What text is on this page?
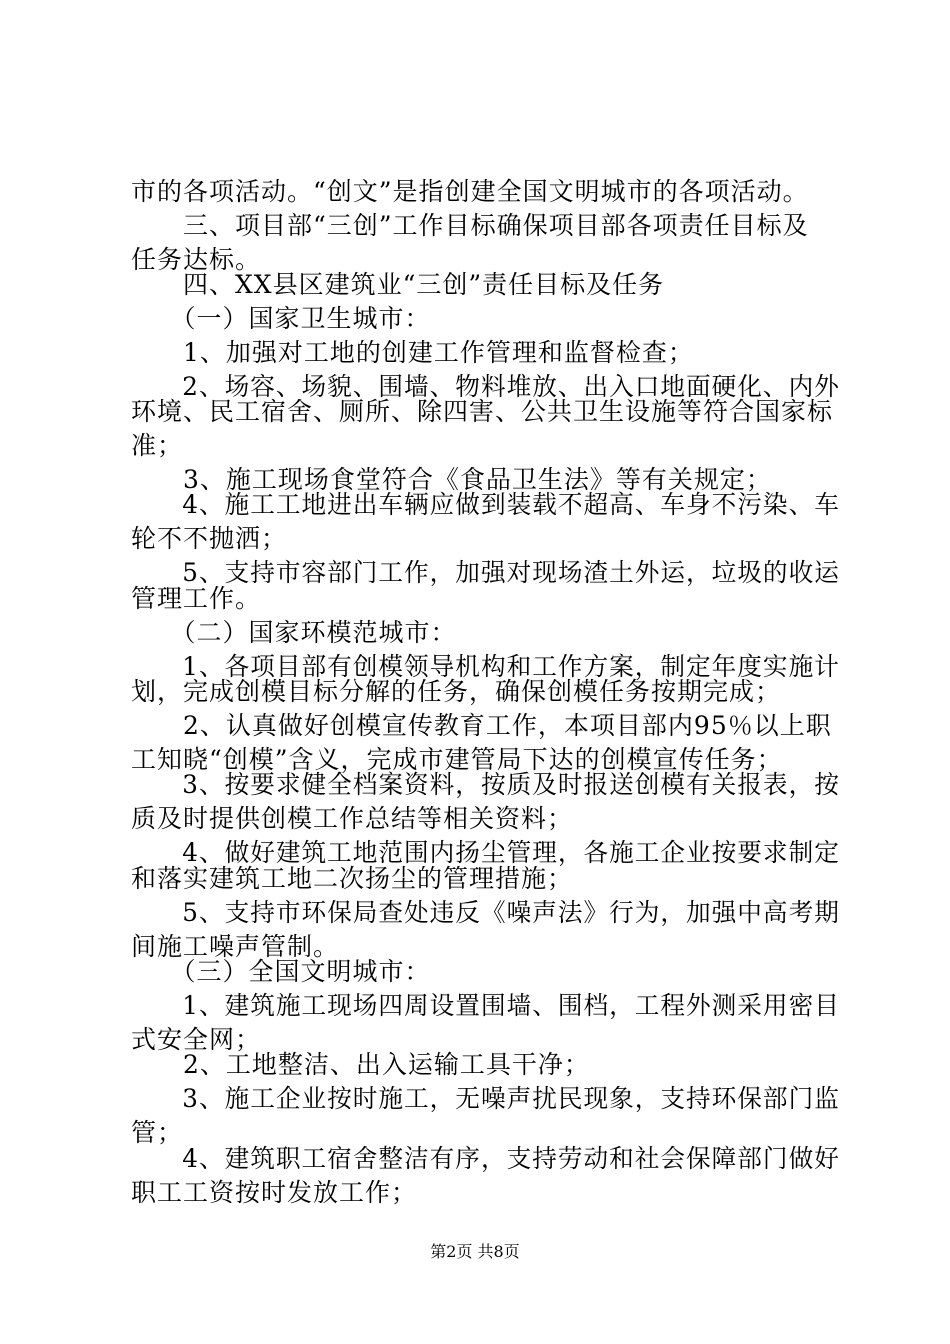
市的各项活动。“创文”是指创建全国文明城市的各项活动。
　　三、项目部“三创”工作目标确保项目部各项责任目标及
任务达标。
　　四、XX县区建筑业“三创”责任目标及任务
　　（一）国家卫生城市：
　　1、加强对工地的创建工作管理和监督检查；
　　2、场容、场貌、围墙、物料堆放、出入口地面硬化、内外
环境、民工宿舍、厕所、除四害、公共卫生设施等符合国家标
准；
　　3、施工现场食堂符合《食品卫生法》等有关规定；
　　4、施工工地进出车辆应做到装载不超高、车身不污染、车
轮不不抛洒；
　　5、支持市容部门工作，加强对现场渣土外运，垃圾的收运
管理工作。
　　（二）国家环模范城市：
　　1、各项目部有创模领导机构和工作方案，制定年度实施计
划，完成创模目标分解的任务，确保创模任务按期完成；
　　2、认真做好创模宣传教育工作，本项目部内95％以上职
工知晓“创模”含义，完成市建管局下达的创模宣传任务；
　　3、按要求健全档案资料，按质及时报送创模有关报表，按
质及时提供创模工作总结等相关资料；
　　4、做好建筑工地范围内扬尘管理，各施工企业按要求制定
和落实建筑工地二次扬尘的管理措施；
　　5、支持市环保局查处违反《噪声法》行为，加强中高考期
间施工噪声管制。
　　（三）全国文明城市：
　　1、建筑施工现场四周设置围墙、围档，工程外测采用密目
式安全网；
　　2、工地整洁、出入运输工具干净；
　　3、施工企业按时施工，无噪声扰民现象，支持环保部门监
管；
　　4、建筑职工宿舍整洁有序，支持劳动和社会保障部门做好
职工工资按时发放工作；
第2页 共8页
